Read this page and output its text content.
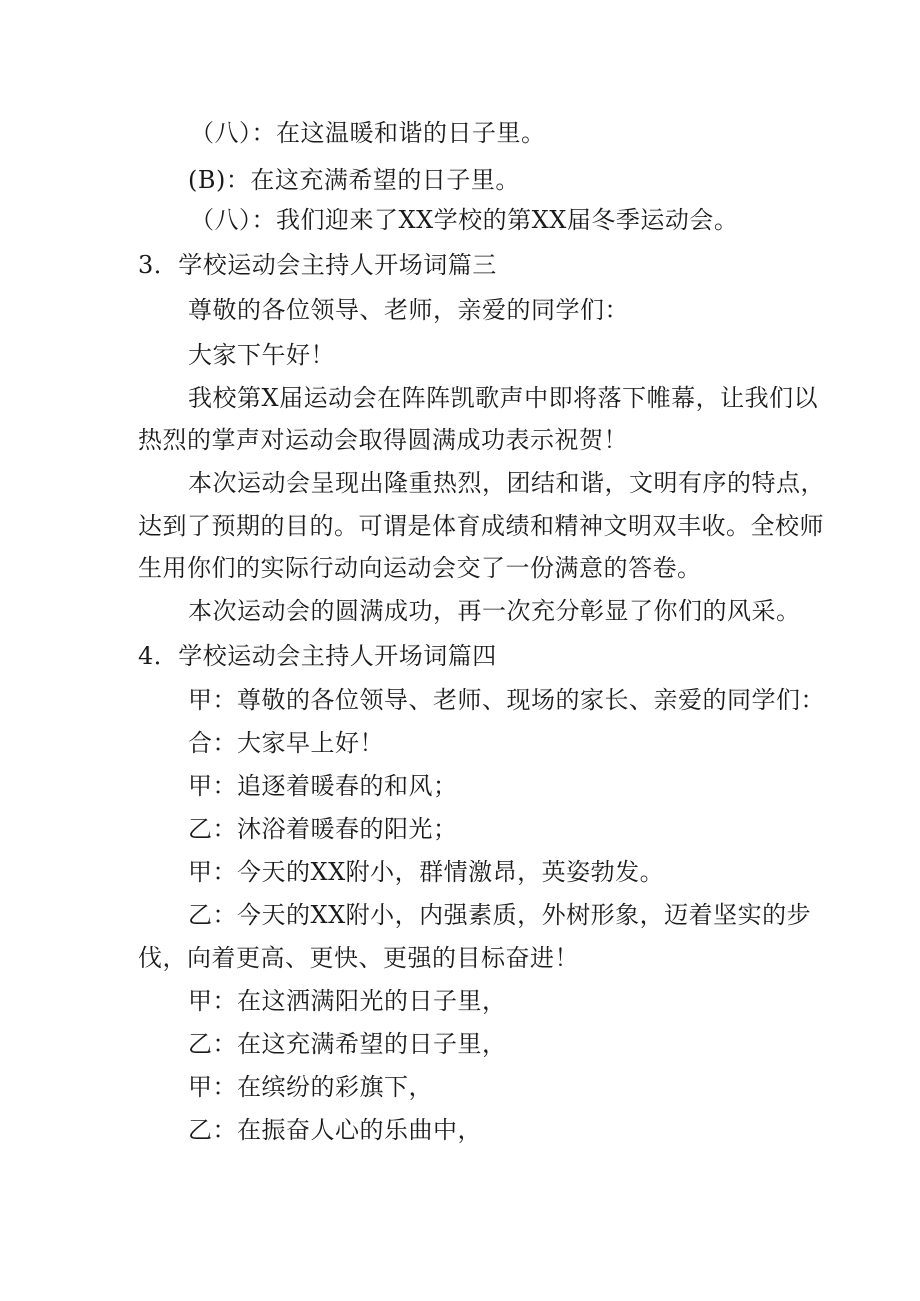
（八）：在这温暖和谐的日子里。
(B)：在这充满希望的日子里。
（八）：我们迎来了XX学校的第XX届冬季运动会。
3．学校运动会主持人开场词篇三
尊敬的各位领导、老师，亲爱的同学们：
大家下午好！
我校第X届运动会在阵阵凯歌声中即将落下帷幕，让我们以
热烈的掌声对运动会取得圆满成功表示祝贺！
本次运动会呈现出隆重热烈，团结和谐，文明有序的特点，
达到了预期的目的。可谓是体育成绩和精神文明双丰收。全校师
生用你们的实际行动向运动会交了一份满意的答卷。
本次运动会的圆满成功，再一次充分彰显了你们的风采。
4．学校运动会主持人开场词篇四
甲：尊敬的各位领导、老师、现场的家长、亲爱的同学们：
合：大家早上好！
甲：追逐着暖春的和风；
乙：沐浴着暖春的阳光；
甲：今天的XX附小，群情激昂，英姿勃发。
乙：今天的XX附小，内强素质，外树形象，迈着坚实的步
伐，向着更高、更快、更强的目标奋进！
甲：在这洒满阳光的日子里，
乙：在这充满希望的日子里，
甲：在缤纷的彩旗下，
乙：在振奋人心的乐曲中，
